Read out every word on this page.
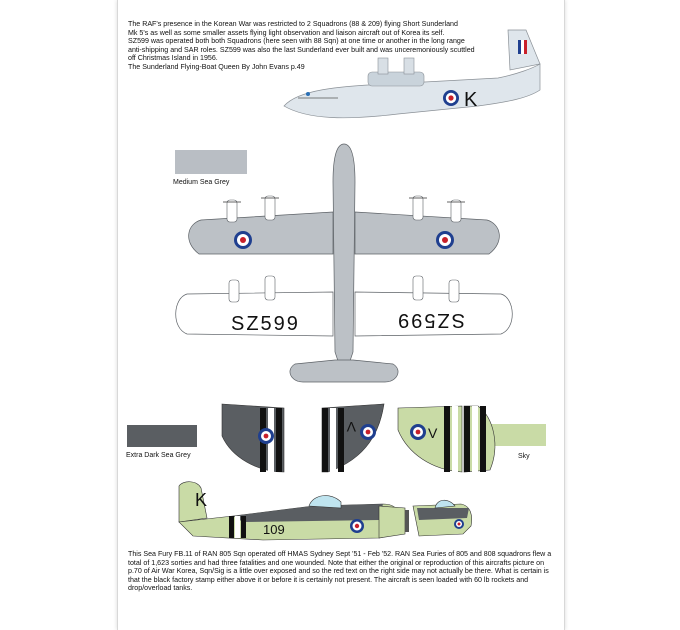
The RAF's presence in the Korean War was restricted to 2 Squadrons (88 & 209) flying Short Sunderland
Mk 5's as well as some smaller assets flying light observation and liaison aircraft out of Korea its self.
SZ599 was operated both both Squadrons (here seen with 88 Sqn) at one time or another in the long range
anti-shipping and SAR roles. SZ599 was also the last Sunderland ever built and was unceremoniously scuttled
off Christmas Island in 1956.
The Sunderland Flying-Boat Queen By John Evans p.49

K
Medium Sea Grey
SZ599	SZ599
Extra Dark Sea Grey	Sky
V	V
K
109

This Sea Fury FB.11 of RAN 805 Sqn operated off HMAS Sydney Sept '51 - Feb '52. RAN Sea Furies of 805 and 808 squadrons flew a total of 1,623 sorties and had three fatalities and one wounded. Note that either the original or reproduction of this aircrafts picture on p.70 of Air War Korea, Sqn/Sig is a little over exposed and so the red text on the right side may not actually be there. What is certain is that the black factory stamp either above it or before it is certainly not present. The aircraft is seen loaded with 60 lb rockets and drop/overload tanks.
